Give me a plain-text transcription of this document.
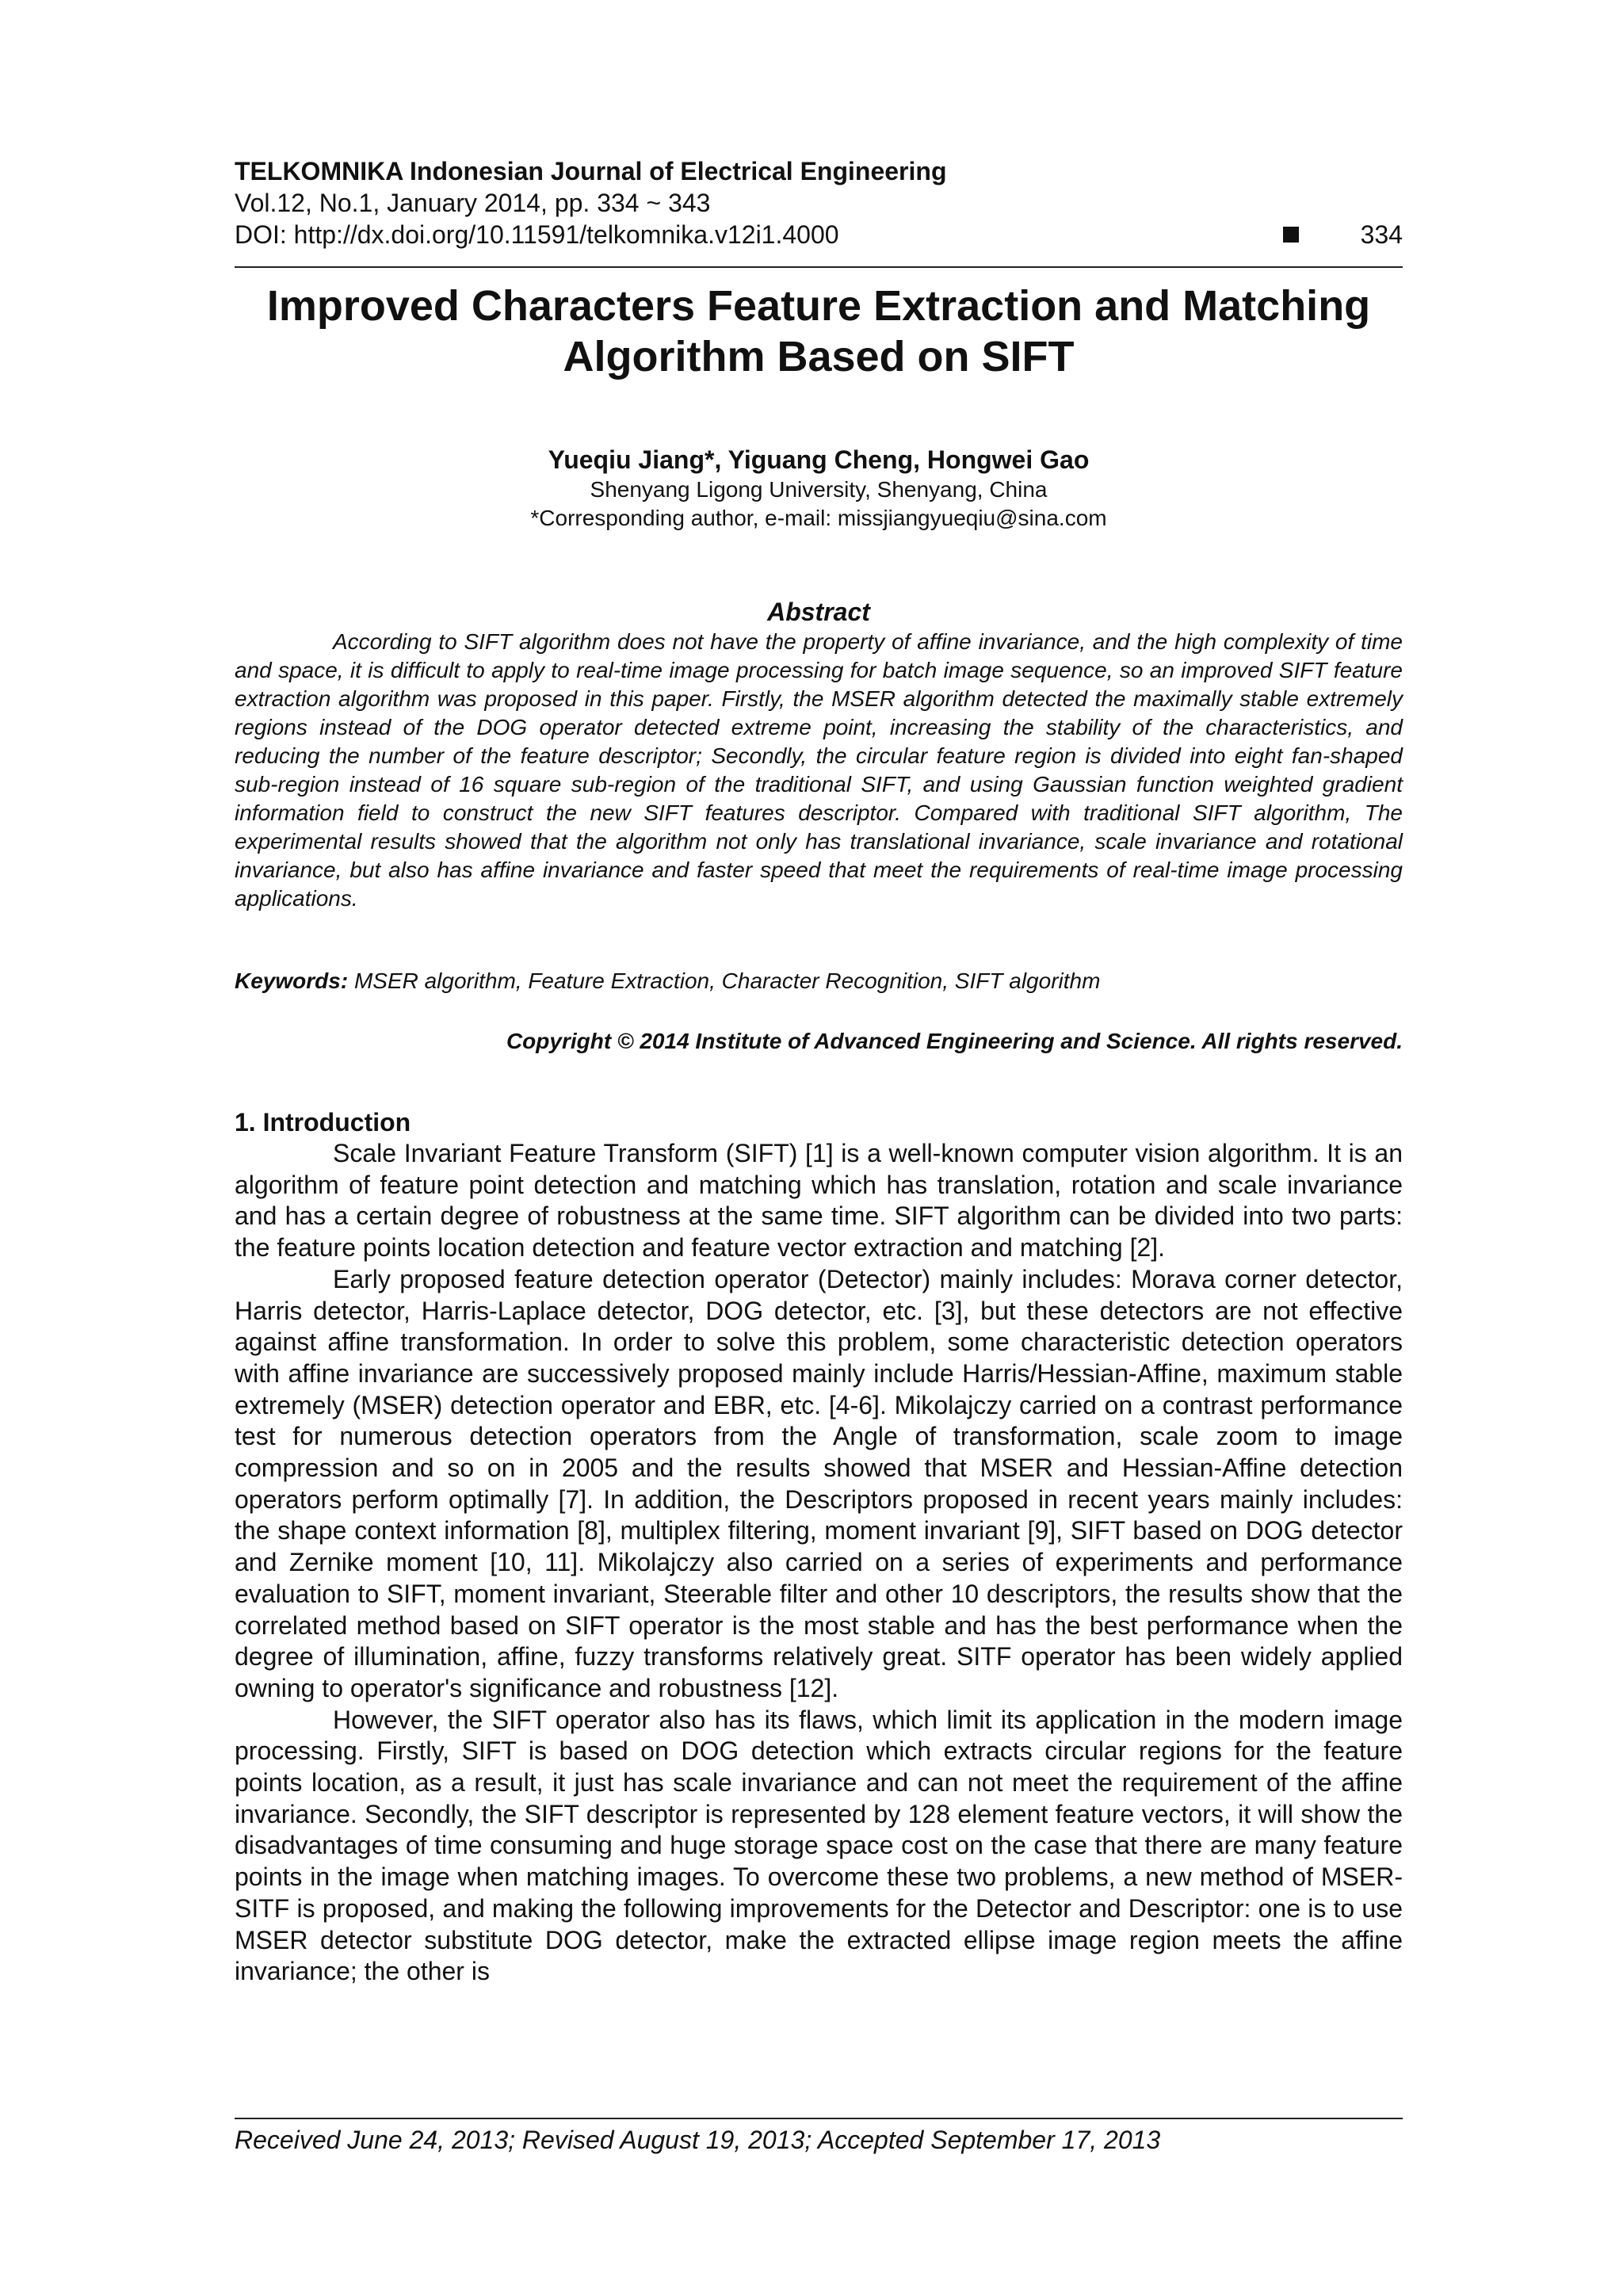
TELKOMNIKA Indonesian Journal of Electrical Engineering
Vol.12, No.1, January 2014, pp. 334 ~ 343
DOI: http://dx.doi.org/10.11591/telkomnika.v12i1.4000	334
Improved Characters Feature Extraction and Matching
Algorithm Based on SIFT
Yueqiu Jiang*, Yiguang Cheng, Hongwei Gao
Shenyang Ligong University, Shenyang, China
*Corresponding author, e-mail: missjiangyueqiu@sina.com
Abstract

According to SIFT algorithm does not have the property of affine invariance, and the high complexity of time and space, it is difficult to apply to real-time image processing for batch image sequence, so an improved SIFT feature extraction algorithm was proposed in this paper. Firstly, the MSER algorithm detected the maximally stable extremely regions instead of the DOG operator detected extreme point, increasing the stability of the characteristics, and reducing the number of the feature descriptor; Secondly, the circular feature region is divided into eight fan-shaped sub-region instead of 16 square sub-region of the traditional SIFT, and using Gaussian function weighted gradient information field to construct the new SIFT features descriptor. Compared with traditional SIFT algorithm, The experimental results showed that the algorithm not only has translational invariance, scale invariance and rotational invariance, but also has affine invariance and faster speed that meet the requirements of real-time image processing applications.

Keywords: MSER algorithm, Feature Extraction, Character Recognition, SIFT algorithm
Copyright © 2014 Institute of Advanced Engineering and Science. All rights reserved.
1. Introduction

Scale Invariant Feature Transform (SIFT) [1] is a well-known computer vision algorithm. It is an algorithm of feature point detection and matching which has translation, rotation and scale invariance and has a certain degree of robustness at the same time. SIFT algorithm can be divided into two parts: the feature points location detection and feature vector extraction and matching [2].

Early proposed feature detection operator (Detector) mainly includes: Morava corner detector, Harris detector, Harris-Laplace detector, DOG detector, etc. [3], but these detectors are not effective against affine transformation. In order to solve this problem, some characteristic detection operators with affine invariance are successively proposed mainly include Harris/Hessian-Affine, maximum stable extremely (MSER) detection operator and EBR, etc. [4-6]. Mikolajczy carried on a contrast performance test for numerous detection operators from the Angle of transformation, scale zoom to image compression and so on in 2005 and the results showed that MSER and Hessian-Affine detection operators perform optimally [7]. In addition, the Descriptors proposed in recent years mainly includes: the shape context information [8], multiplex filtering, moment invariant [9], SIFT based on DOG detector and Zernike moment [10, 11]. Mikolajczy also carried on a series of experiments and performance evaluation to SIFT, moment invariant, Steerable filter and other 10 descriptors, the results show that the correlated method based on SIFT operator is the most stable and has the best performance when the degree of illumination, affine, fuzzy transforms relatively great. SITF operator has been widely applied owning to operator's significance and robustness [12].

However, the SIFT operator also has its flaws, which limit its application in the modern image processing. Firstly, SIFT is based on DOG detection which extracts circular regions for the feature points location, as a result, it just has scale invariance and can not meet the requirement of the affine invariance. Secondly, the SIFT descriptor is represented by 128 element feature vectors, it will show the disadvantages of time consuming and huge storage space cost on the case that there are many feature points in the image when matching images. To overcome these two problems, a new method of MSER-SITF is proposed, and making the following improvements for the Detector and Descriptor: one is to use MSER detector substitute DOG detector, make the extracted ellipse image region meets the affine invariance; the other is

Received June 24, 2013; Revised August 19, 2013; Accepted September 17, 2013
